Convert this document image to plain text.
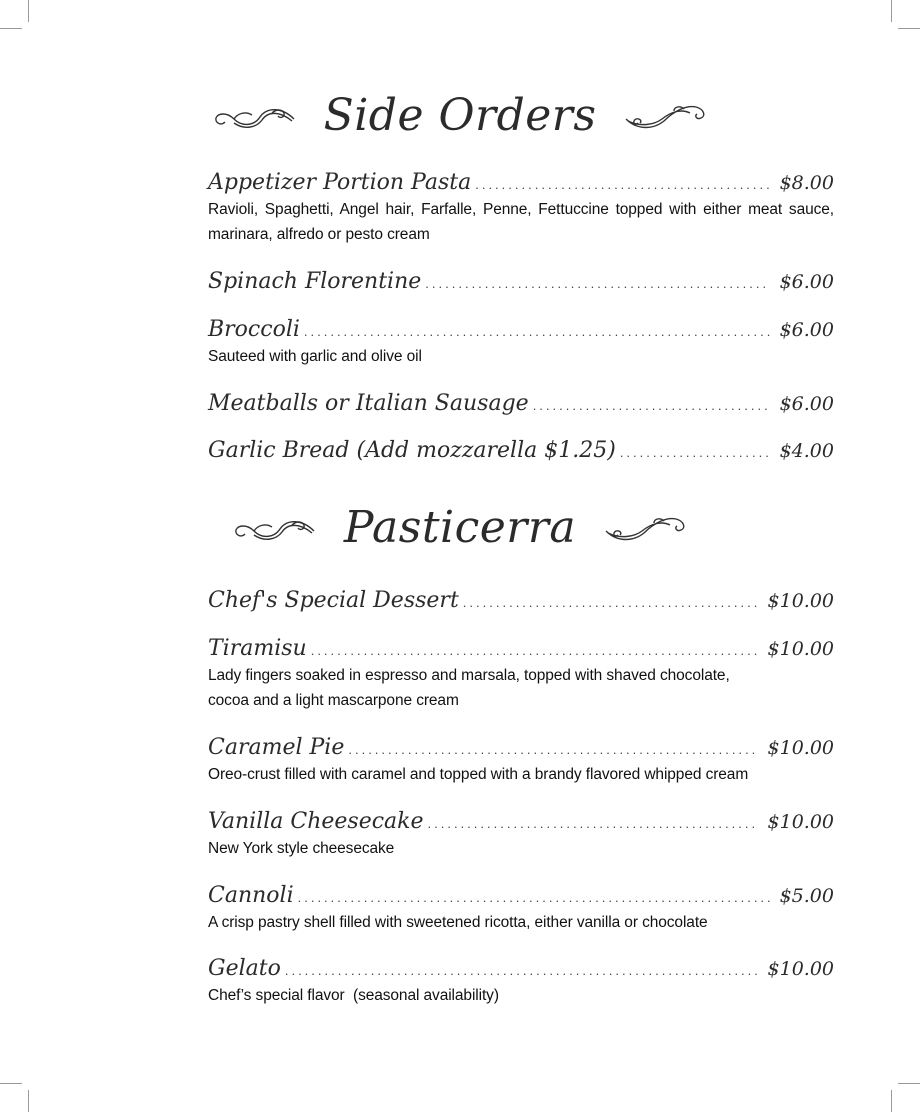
Side Orders
Appetizer Portion Pasta .....	$8.00
Ravioli, Spaghetti, Angel hair, Farfalle, Penne, Fettuccine topped with either meat sauce, marinara, alfredo or pesto cream
Spinach Florentine .....	$6.00
Broccoli .....	$6.00
Sauteed with garlic and olive oil
Meatballs or Italian Sausage .....	$6.00
Garlic Bread (Add mozzarella $1.25) .....	$4.00
Pasticerra
Chef's Special Dessert .....	$10.00
Tiramisu .....	$10.00
Lady fingers soaked in espresso and marsala, topped with shaved chocolate,
cocoa and a light mascarpone cream
Caramel Pie .....	$10.00
Oreo-crust filled with caramel and topped with a brandy flavored whipped cream
Vanilla Cheesecake .....	$10.00
New York style cheesecake
Cannoli .....	$5.00
A crisp pastry shell filled with sweetened ricotta, either vanilla or chocolate
Gelato .....	$10.00
Chef’s special flavor  (seasonal availability)
